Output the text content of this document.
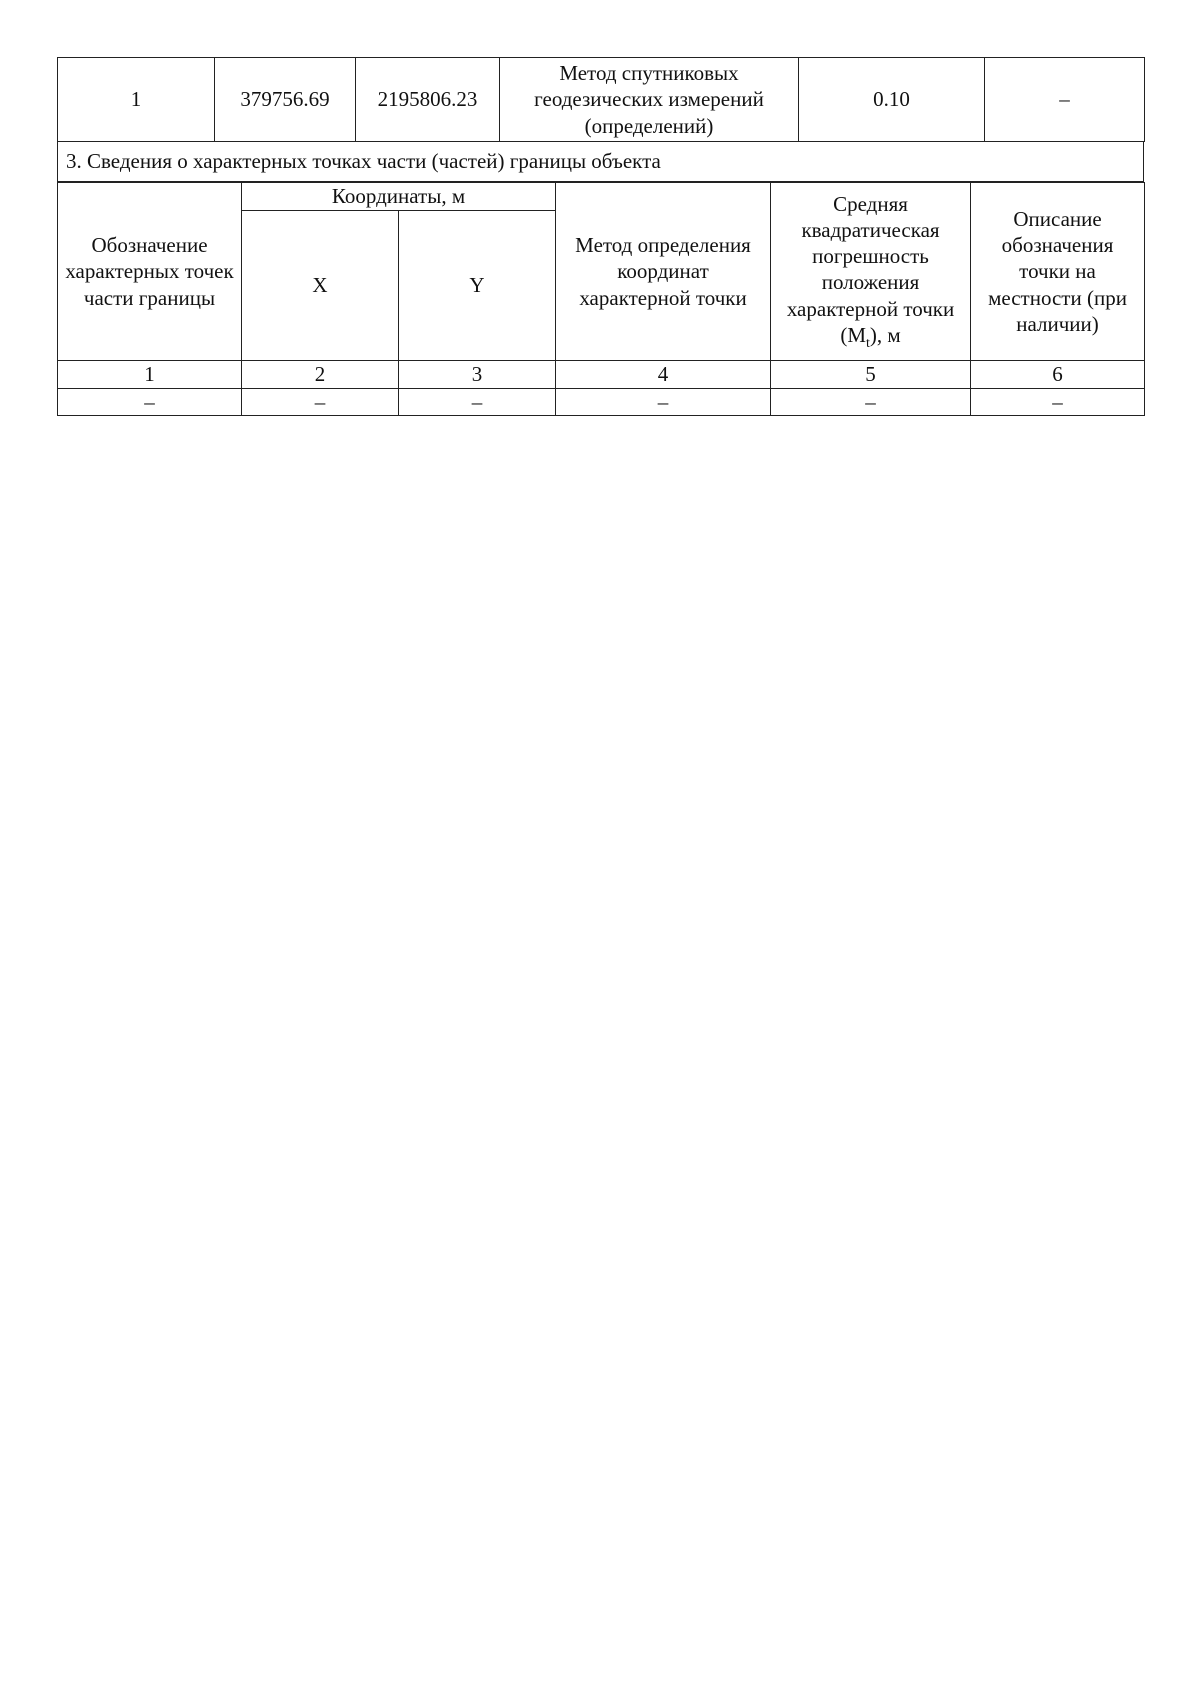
1	379756.69	2195806.23	Метод спутниковых геодезических измерений (определений)	0.10	–
3. Сведения о характерных точках части (частей) границы объекта
Обозначение характерных точек части границы	Координаты, м		Метод определения координат характерной точки	Средняя квадратическая погрешность положения характерной точки $(M_t)$, м	Описание обозначения точки на местности (при наличии)
	X	Y			
1	2	3	4	5	6
–	–	–	–	–	–
